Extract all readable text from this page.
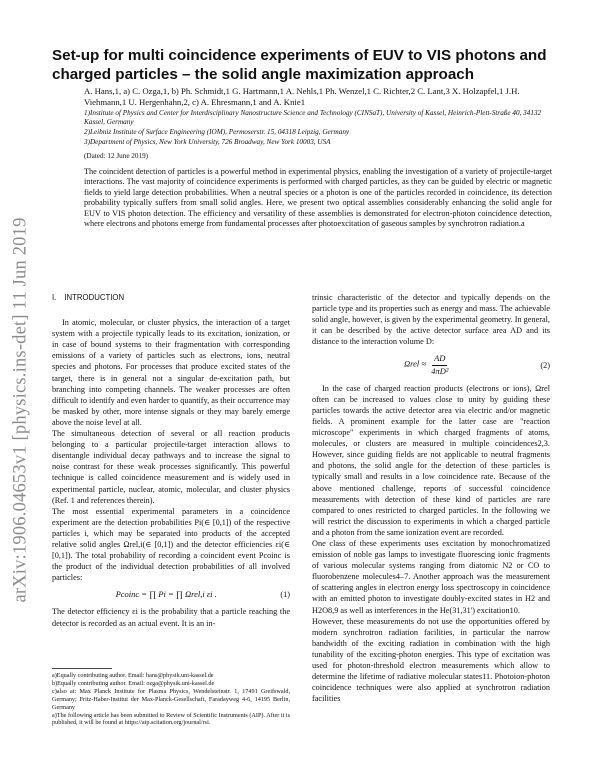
arXiv:1906.04653v1 [physics.ins-det] 11 Jun 2019
Set-up for multi coincidence experiments of EUV to VIS photons and charged particles – the solid angle maximization approach
A. Hans,1, a) C. Ozga,1, b) Ph. Schmidt,1 G. Hartmann,1 A. Nehls,1 Ph. Wenzel,1 C. Richter,2 C. Lant,3 X. Holzapfel,1 J.H. Viehmann,1 U. Hergenhahn,2, c) A. Ehresmann,1 and A. Knie1
1)Institute of Physics and Center for Interdisciplinary Nanostructure Science and Technology (CINSaT), University of Kassel, Heinrich-Plett-Straße 40, 34132 Kassel, Germany
2)Leibniz Institute of Surface Engineering (IOM), Permoserstr. 15, 04318 Leipzig, Germany
3)Department of Physics, New York University, 726 Broadway, New York 10003, USA
(Dated: 12 June 2019)

The coincident detection of particles is a powerful method in experimental physics, enabling the investigation of a variety of projectile-target interactions. The vast majority of coincidence experiments is performed with charged particles, as they can be guided by electric or magnetic fields to yield large detection probabilities. When a neutral species or a photon is one of the particles recorded in coincidence, its detection probability typically suffers from small solid angles. Here, we present two optical assemblies considerably enhancing the solid angle for EUV to VIS photon detection. The efficiency and versatility of these assemblies is demonstrated for electron-photon coincidence detection, where electrons and photons emerge from fundamental processes after photoexcitation of gaseous samples by synchrotron radiation.a

I. INTRODUCTION

In atomic, molecular, or cluster physics, the interaction of a target system with a projectile typically leads to its excitation, ionization, or in case of bound systems to their fragmentation with corresponding emissions of a variety of particles such as electrons, ions, neutral species and photons. For processes that produce excited states of the target, there is in general not a singular de-excitation path, but branching into competing channels. The weaker processes are often difficult to identify and even harder to quantify, as their occurrence may be masked by other, more intense signals or they may barely emerge above the noise level at all.

The simultaneous detection of several or all reaction products belonging to a particular projectile-target interaction allows to disentangle individual decay pathways and to increase the signal to noise contrast for these weak processes significantly. This powerful technique is called coincidence measurement and is widely used in experimental particle, nuclear, atomic, molecular, and cluster physics (Ref. 1 and references therein).

The most essential experimental parameters in a coincidence experiment are the detection probabilities Pi(∈ [0,1]) of the respective particles i, which may be separated into products of the accepted relative solid angles Ωrel,i(∈ [0,1]) and the detector efficiencies εi(∈ [0,1]). The total probability of recording a coincident event Pcoinc is the product of the individual detection probabilities of all involved particles:

Pcoinc = ∏ Pi = ∏ Ωrel,i εi .	(1)

The detector efficiency εi is the probability that a particle reaching the detector is recorded as an actual event. It is an in-

trinsic characteristic of the detector and typically depends on the particle type and its properties such as energy and mass. The achievable solid angle, however, is given by the experimental geometry. In general, it can be described by the active detector surface area AD and its distance to the interaction volume D:

$\Omega rel \approx \frac{AD}{\text{4πD²}}$	(2)

In the case of charged reaction products (electrons or ions), Ωrel often can be increased to values close to unity by guiding these particles towards the active detector area via electric and/or magnetic fields. A prominent example for the latter case are "reaction microscope" experiments in which charged fragments of atoms, molecules, or clusters are measured in multiple coincidences2,3. However, since guiding fields are not applicable to neutral fragments and photons, the solid angle for the detection of these particles is typically small and results in a low coincidence rate. Because of the above mentioned challenge, reports of successful coincidence measurements with detection of these kind of particles are rare compared to ones restricted to charged particles. In the following we will restrict the discussion to experiments in which a charged particle and a photon from the same ionization event are recorded.

One class of these experiments uses excitation by monochromatized emission of noble gas lamps to investigate fluorescing ionic fragments of various molecular systems ranging from diatomic N2 or CO to fluorobenzene molecules4–7. Another approach was the measurement of scattering angles in electron energy loss spectroscopy in coincidence with an emitted photon to investigate doubly-excited states in H2 and H2O8,9 as well as interferences in the He(31,31') excitation10.

However, these measurements do not use the opportunities offered by modern synchrotron radiation facilities, in particular the narrow bandwidth of the exciting radiation in combination with the high tunability of the exciting-photon energies. This type of excitation was used for photon-threshold electron measurements which allow to determine the lifetime of radiative molecular states11. Photoion-photon coincidence techniques were also applied at synchrotron radiation facilities

a)Equally contributing author. Email: hans@physik.uni-kassel.de
b)Equally contributing author. Email: ozga@physik.uni-kassel.de
c)also at: Max Planck Institute for Plasma Physics, Wendelsteinstr. 1, 17491 Greifswald, Germany; Fritz-Haber-Institut der Max-Planck-Gesellschaft, Faradayweg 4-6, 14195 Berlin, Germany
a)The following article has been submitted to Review of Scientific Instruments (AIP). After it is published, it will be found at https://aip.scitation.org/journal/rsi.
